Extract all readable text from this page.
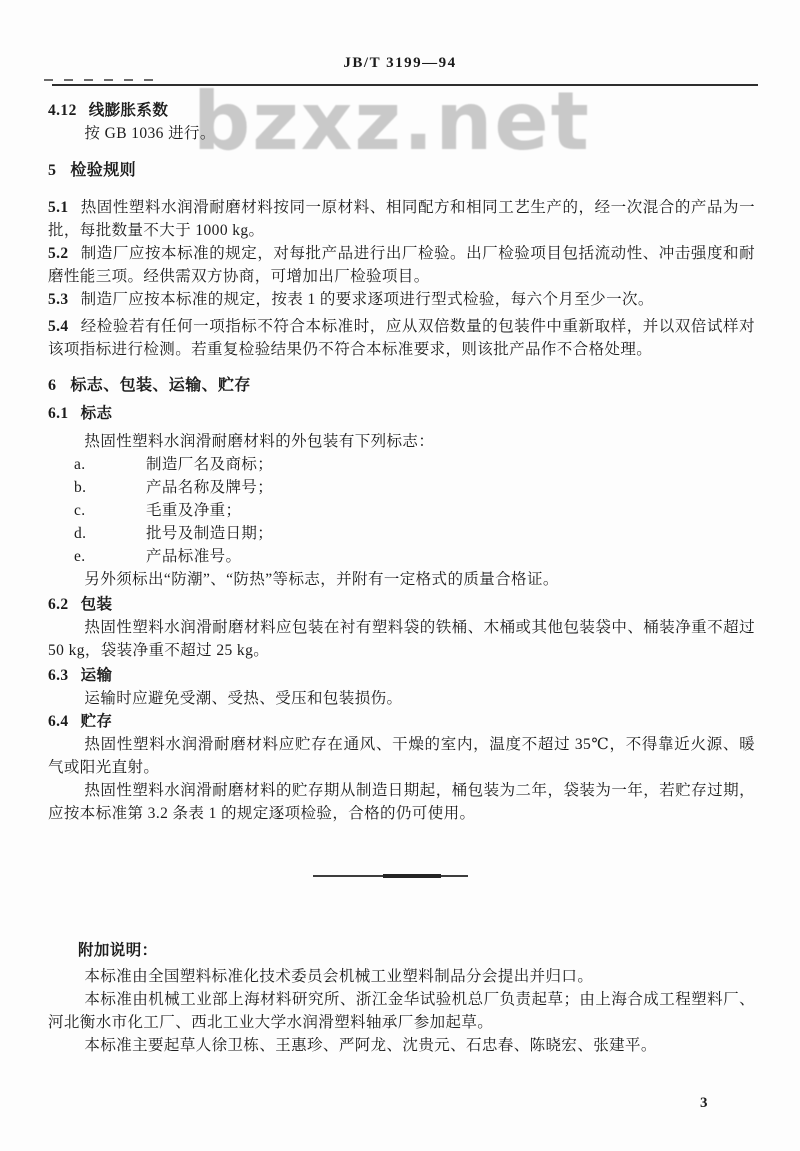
bzxz.net
JB/T 3199—94

4.12 线膨胀系数

按 GB 1036 进行。

5 检验规则

5.1 热固性塑料水润滑耐磨材料按同一原材料、相同配方和相同工艺生产的，经一次混合的产品为一批，每批数量不大于 1000 kg。

5.2 制造厂应按本标准的规定，对每批产品进行出厂检验。出厂检验项目包括流动性、冲击强度和耐磨性能三项。经供需双方协商，可增加出厂检验项目。

5.3 制造厂应按本标准的规定，按表 1 的要求逐项进行型式检验，每六个月至少一次。

5.4 经检验若有任何一项指标不符合本标准时，应从双倍数量的包装件中重新取样，并以双倍试样对该项指标进行检测。若重复检验结果仍不符合本标准要求，则该批产品作不合格处理。

6 标志、包装、运输、贮存

6.1 标志

热固性塑料水润滑耐磨材料的外包装有下列标志：

a.	制造厂名及商标；
b.	产品名称及牌号；
c.	毛重及净重；
d.	批号及制造日期；
e.	产品标准号。

另外须标出“防潮”、“防热”等标志，并附有一定格式的质量合格证。

6.2 包装

热固性塑料水润滑耐磨材料应包装在衬有塑料袋的铁桶、木桶或其他包装袋中、桶装净重不超过 50 kg，袋装净重不超过 25 kg。

6.3 运输

运输时应避免受潮、受热、受压和包装损伤。

6.4 贮存

热固性塑料水润滑耐磨材料应贮存在通风、干燥的室内，温度不超过 35℃，不得靠近火源、暖气或阳光直射。

热固性塑料水润滑耐磨材料的贮存期从制造日期起，桶包装为二年，袋装为一年，若贮存过期，应按本标准第 3.2 条表 1 的规定逐项检验，合格的仍可使用。

附加说明：

本标准由全国塑料标准化技术委员会机械工业塑料制品分会提出并归口。

本标准由机械工业部上海材料研究所、浙江金华试验机总厂负责起草；由上海合成工程塑料厂、河北衡水市化工厂、西北工业大学水润滑塑料轴承厂参加起草。

本标准主要起草人徐卫栋、王惠珍、严阿龙、沈贵元、石忠春、陈晓宏、张建平。

3
